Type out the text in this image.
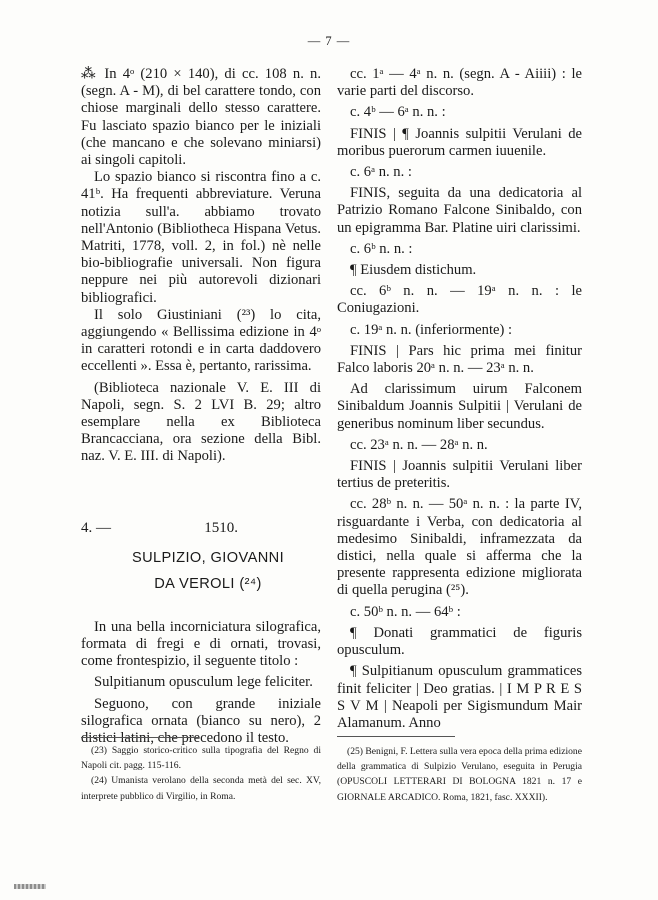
— 7 —

⁂ In 4ᵒ (210 × 140), di cc. 108 n. n. (segn. A - M), di bel carattere tondo, con chiose marginali dello stesso carattere. Fu lasciato spazio bianco per le iniziali (che mancano e che solevano miniarsi) ai singoli capitoli.

Lo spazio bianco si riscontra fino a c. 41ᵇ. Ha frequenti abbreviature. Veruna notizia sull'a. abbiamo trovato nell'Antonio (Bibliotheca Hispana Vetus. Matriti, 1778, voll. 2, in fol.) nè nelle bio-bibliografie universali. Non figura neppure nei più autorevoli dizionari bibliografici.

Il solo Giustiniani (²³) lo cita, aggiungendo « Bellissima edizione in 4ᵒ in caratteri rotondi e in carta daddovero eccellenti ». Essa è, pertanto, rarissima.

(Biblioteca nazionale V. E. III di Napoli, segn. S. 2 LVI B. 29; altro esemplare nella ex Biblioteca Brancacciana, ora sezione della Bibl. naz. V. E. III. di Napoli).

4. —	1510.
SULPIZIO, GIOVANNI
DA VEROLI (²⁴)

In una bella incorniciatura silografica, formata di fregi e di ornati, trovasi, come frontespizio, il seguente titolo :

Sulpitianum opusculum lege feliciter.

Seguono, con grande iniziale silografica ornata (bianco su nero), 2 distici latini, che precedono il testo.

cc. 1ᵃ — 4ᵃ n. n. (segn. A - Aiiii) : le varie parti del discorso.

c. 4ᵇ — 6ᵃ n. n. :

FINIS | ¶ Joannis sulpitii Verulani de moribus puerorum carmen iuuenile.

c. 6ᵃ n. n. :

FINIS, seguita da una dedicatoria al Patrizio Romano Falcone Sinibaldo, con un epigramma Bar. Platine uiri clarissimi.

c. 6ᵇ n. n. :

¶ Eiusdem distichum.

cc. 6ᵇ n. n. — 19ᵃ n. n. : le Coniugazioni.

c. 19ᵃ n. n. (inferiormente) :

FINIS | Pars hic prima mei finitur Falco laboris 20ᵃ n. n. — 23ᵃ n. n.

Ad clarissimum uirum Falconem Sinibaldum Joannis Sulpitii | Verulani de generibus nominum liber secundus.

cc. 23ᵃ n. n. — 28ᵃ n. n.

FINIS | Joannis sulpitii Verulani liber tertius de preteritis.

cc. 28ᵇ n. n. — 50ᵃ n. n. : la parte IV, risguardante i Verba, con dedicatoria al medesimo Sinibaldi, inframezzata da distici, nella quale si afferma che la presente rappresenta edizione migliorata di quella perugina (²⁵).

c. 50ᵇ n. n. — 64ᵇ :

¶ Donati grammatici de figuris opusculum.

¶ Sulpitianum opusculum grammatices finit feliciter | Deo gratias. | I M P R E S S V M | Neapoli per Sigismundum Mair Alamanum. Anno

(23) Saggio storico-critico sulla tipografia del Regno di Napoli cit. pagg. 115-116.

(24) Umanista verolano della seconda metà del sec. XV, interprete pubblico di Virgilio, in Roma.

(25) Benigni, F. Lettera sulla vera epoca della prima edizione della grammatica di Sulpizio Verulano, eseguita in Perugia (OPUSCOLI LETTERARI DI BOLOGNA 1821 n. 17 e GIORNALE ARCADICO. Roma, 1821, fasc. XXXII).
